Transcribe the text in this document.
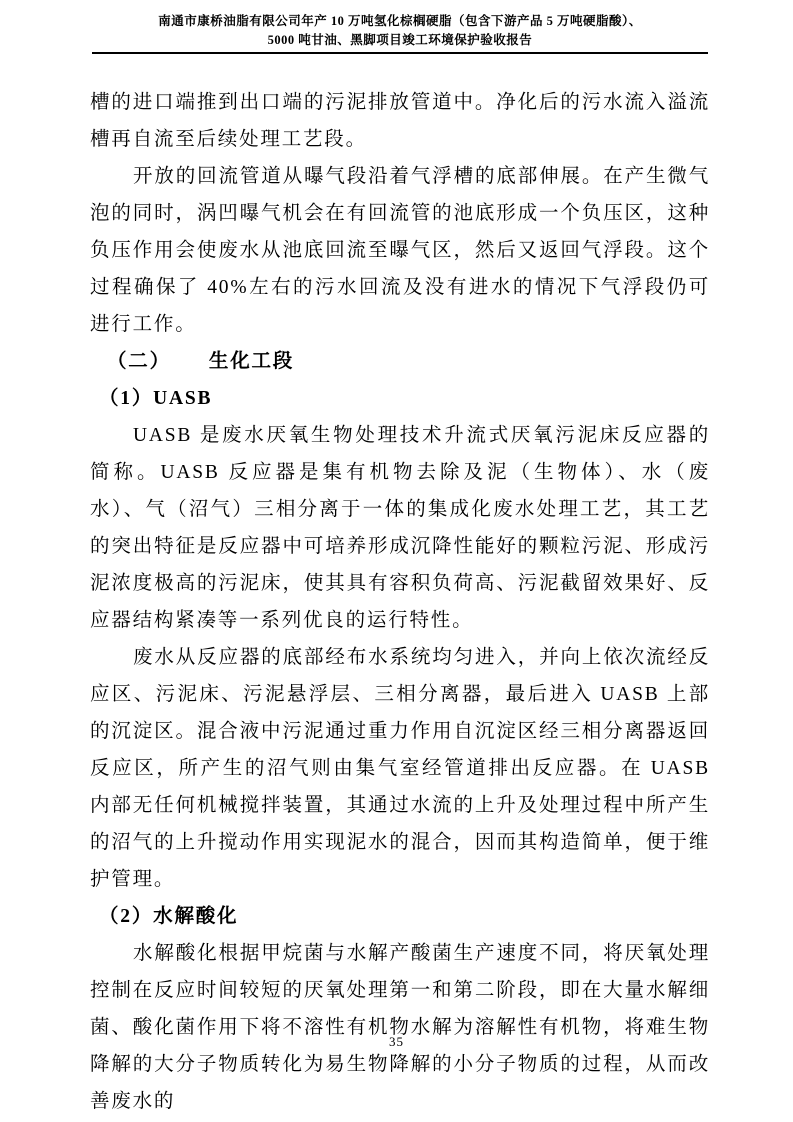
南通市康桥油脂有限公司年产 10 万吨氢化棕榈硬脂（包含下游产品 5 万吨硬脂酸）、
5000 吨甘油、黑脚项目竣工环境保护验收报告

槽的进口端推到出口端的污泥排放管道中。净化后的污水流入溢流槽再自流至后续处理工艺段。

开放的回流管道从曝气段沿着气浮槽的底部伸展。在产生微气泡的同时，涡凹曝气机会在有回流管的池底形成一个负压区，这种负压作用会使废水从池底回流至曝气区，然后又返回气浮段。这个过程确保了 40%左右的污水回流及没有进水的情况下气浮段仍可进行工作。

（二） 生化工段
（1）UASB

UASB 是废水厌氧生物处理技术升流式厌氧污泥床反应器的简称。UASB 反应器是集有机物去除及泥（生物体）、水（废水）、气（沼气）三相分离于一体的集成化废水处理工艺，其工艺的突出特征是反应器中可培养形成沉降性能好的颗粒污泥、形成污泥浓度极高的污泥床，使其具有容积负荷高、污泥截留效果好、反应器结构紧凑等一系列优良的运行特性。

废水从反应器的底部经布水系统均匀进入，并向上依次流经反应区、污泥床、污泥悬浮层、三相分离器，最后进入 UASB 上部的沉淀区。混合液中污泥通过重力作用自沉淀区经三相分离器返回反应区，所产生的沼气则由集气室经管道排出反应器。在 UASB 内部无任何机械搅拌装置，其通过水流的上升及处理过程中所产生的沼气的上升搅动作用实现泥水的混合，因而其构造简单，便于维护管理。

（2）水解酸化

水解酸化根据甲烷菌与水解产酸菌生产速度不同，将厌氧处理控制在反应时间较短的厌氧处理第一和第二阶段，即在大量水解细菌、酸化菌作用下将不溶性有机物水解为溶解性有机物，将难生物降解的大分子物质转化为易生物降解的小分子物质的过程，从而改善废水的

35
